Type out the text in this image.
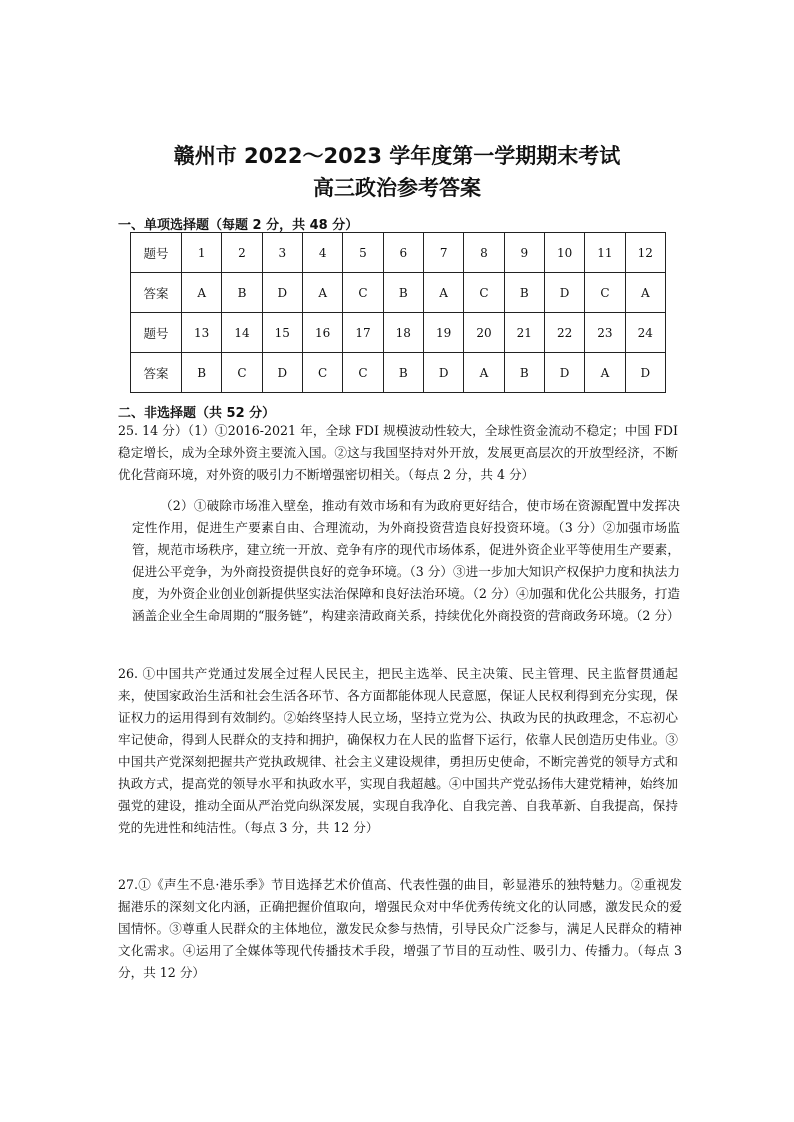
赣州市 2022～2023 学年度第一学期期末考试
高三政治参考答案
一、单项选择题（每题 2 分，共 48 分）
题号	1	2	3	4	5	6	7	8	9	10	11	12
答案	A	B	D	A	C	B	A	C	B	D	C	A
题号	13	14	15	16	17	18	19	20	21	22	23	24
答案	B	C	D	C	C	B	D	A	B	D	A	D
二、非选择题（共 52 分）
25. 14 分）（1）①2016-2021 年，全球 FDI 规模波动性较大，全球性资金流动不稳定；中国 FDI 稳定增长，成为全球外资主要流入国。②这与我国坚持对外开放，发展更高层次的开放型经济，不断优化营商环境，对外资的吸引力不断增强密切相关。（每点 2 分，共 4 分）
（2）①破除市场准入壁垒，推动有效市场和有为政府更好结合，使市场在资源配置中发挥决定性作用，促进生产要素自由、合理流动，为外商投资营造良好投资环境。（3 分）②加强市场监管，规范市场秩序，建立统一开放、竞争有序的现代市场体系，促进外资企业平等使用生产要素，促进公平竞争，为外商投资提供良好的竞争环境。（3 分）③进一步加大知识产权保护力度和执法力度，为外资企业创业创新提供坚实法治保障和良好法治环境。（2 分）④加强和优化公共服务，打造涵盖企业全生命周期的“服务链”，构建亲清政商关系，持续优化外商投资的营商政务环境。（2 分）
26. ①中国共产党通过发展全过程人民民主，把民主选举、民主决策、民主管理、民主监督贯通起来，使国家政治生活和社会生活各环节、各方面都能体现人民意愿，保证人民权利得到充分实现，保证权力的运用得到有效制约。②始终坚持人民立场，坚持立党为公、执政为民的执政理念，不忘初心牢记使命，得到人民群众的支持和拥护，确保权力在人民的监督下运行，依靠人民创造历史伟业。③中国共产党深刻把握共产党执政规律、社会主义建设规律，勇担历史使命，不断完善党的领导方式和执政方式，提高党的领导水平和执政水平，实现自我超越。④中国共产党弘扬伟大建党精神，始终加强党的建设，推动全面从严治党向纵深发展，实现自我净化、自我完善、自我革新、自我提高，保持党的先进性和纯洁性。（每点 3 分，共 12 分）
27.①《声生不息·港乐季》节目选择艺术价值高、代表性强的曲目，彰显港乐的独特魅力。②重视发掘港乐的深刻文化内涵，正确把握价值取向，增强民众对中华优秀传统文化的认同感，激发民众的爱国情怀。③尊重人民群众的主体地位，激发民众参与热情，引导民众广泛参与，满足人民群众的精神文化需求。④运用了全媒体等现代传播技术手段，增强了节目的互动性、吸引力、传播力。（每点 3 分，共 12 分）
